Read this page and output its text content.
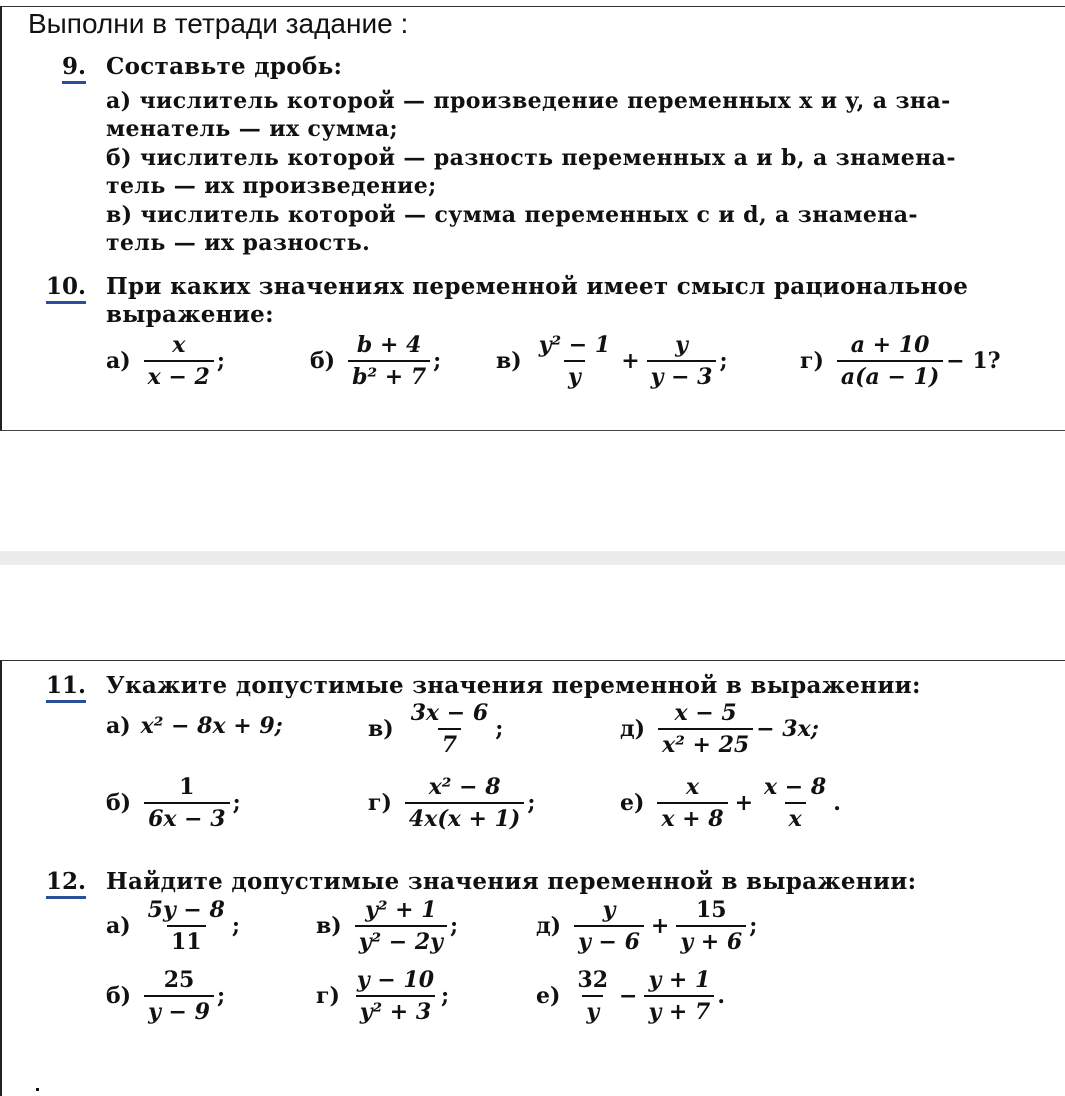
Выполни в тетради задание :
9. Составьте дробь:
а) числитель которой — произведение переменных x и y, а зна-
менатель — их сумма;
б) числитель которой — разность переменных a и b, а знамена-
тель — их произведение;
в) числитель которой — сумма переменных c и d, а знамена-
тель — их разность.
10. При каких значениях переменной имеет смысл рациональное
выражение:
$а) \frac{x}{x - 2}$ ;	$б) \frac{b + 4}{\text{b² + 7}}$ ; $в) \frac{\text{y² − 1}}{y} + \frac{y}{y - 3}$ ;	$г) \frac{a + 10}{a(a - 1)} - 1$?
11. Укажите допустимые значения переменной в выражении:
а) x² − 8x + 9;	$в) \frac{3x - 6}{7}$ ;	$д) \frac{x - 5}{\text{x² + 25}} - 3x$;
$б) \frac{1}{6x - 3}$ ;	$г) \frac{\text{x² − 8}}{4x(x + 1)}$ ;	$е) \frac{x}{x + 8} + \frac{x - 8}{x}$ .
12. Найдите допустимые значения переменной в выражении:
$а) \frac{5y - 8}{11}$ ;	$в) \frac{\text{y² + 1}}{\text{y² − 2y}}$ ;	$д) \frac{y}{y - 6} + \frac{15}{y + 6}$ ;
$б) \frac{25}{y - 9}$ ;	$г) \frac{y - 10}{\text{y² + 3}}$ ;	$е) \frac{32}{y} - \frac{y + 1}{y + 7}$ .
